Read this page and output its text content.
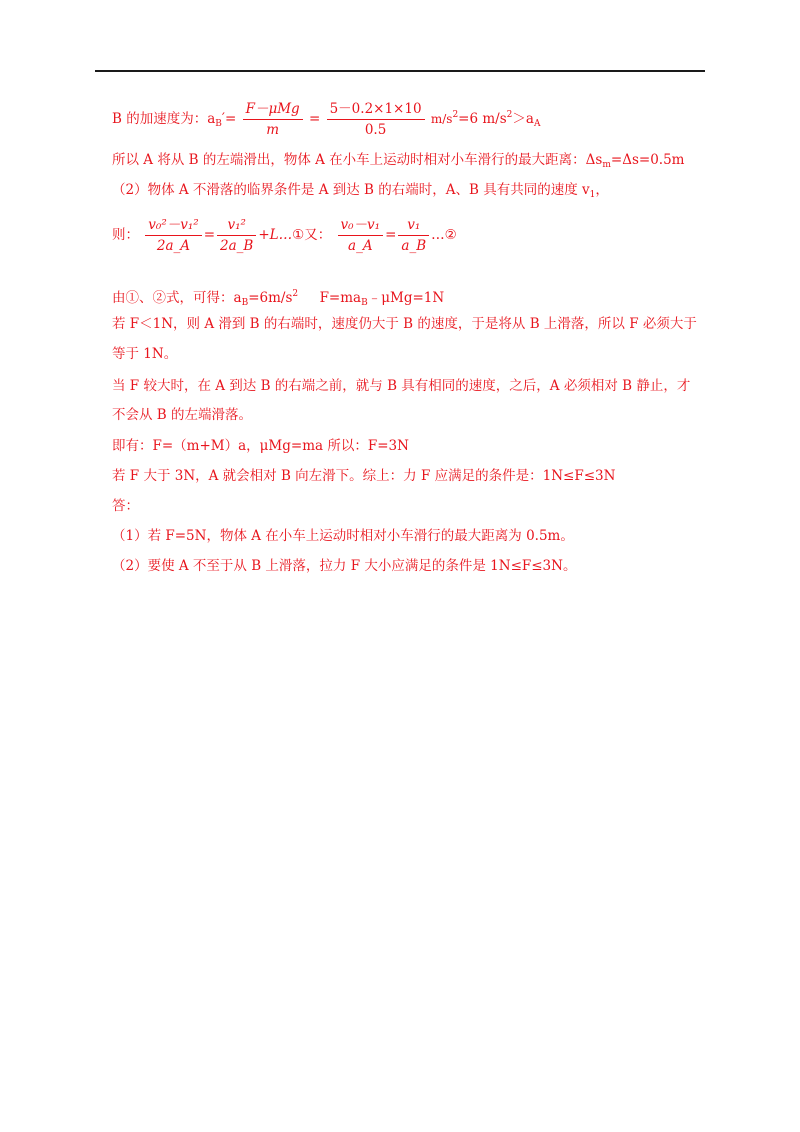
B 的加速度为：$a_B'= \frac{\text{F－μMg}}{m} = \frac{5-0.2\times 1\times 10}{0.5} m/s^2=6$ $m/s^2>a_A$
所以 A 将从 B 的左端滑出，物体 A 在小车上运动时相对小车滑行的最大距离：$\Delta s_m=\Delta s=0.5m$
（2）物体 A 不滑落的临界条件是 A 到达 B 的右端时，A、B 具有共同的速度 $v_1$，
则： $\frac{\text{v₀²－v₁²}}{2a\_A} = \frac{\text{v₁²}}{2a\_B}$ +L…①又： $\frac{\text{v₀－v₁}}{a\_A} = \frac{\text{v₁}}{a\_B}$ …②
由①、②式，可得：$a_B=6m/s^2$     $F=ma_B﹣\mu Mg=1N$
若 F＜1N，则 A 滑到 B 的右端时，速度仍大于 B 的速度，于是将从 B 上滑落，所以 F 必须大于
等于 1N。
当 F 较大时，在 A 到达 B 的右端之前，就与 B 具有相同的速度，之后，A 必须相对 B 静止，才
不会从 B 的左端滑落。
即有：F=（m+M）a，μMg=ma 所以：F=3N
若 F 大于 3N，A 就会相对 B 向左滑下。综上：力 F 应满足的条件是：1N≤F≤3N
答：
（1）若 F=5N，物体 A 在小车上运动时相对小车滑行的最大距离为 0.5m。
（2）要使 A 不至于从 B 上滑落，拉力 F 大小应满足的条件是 1N≤F≤3N。
